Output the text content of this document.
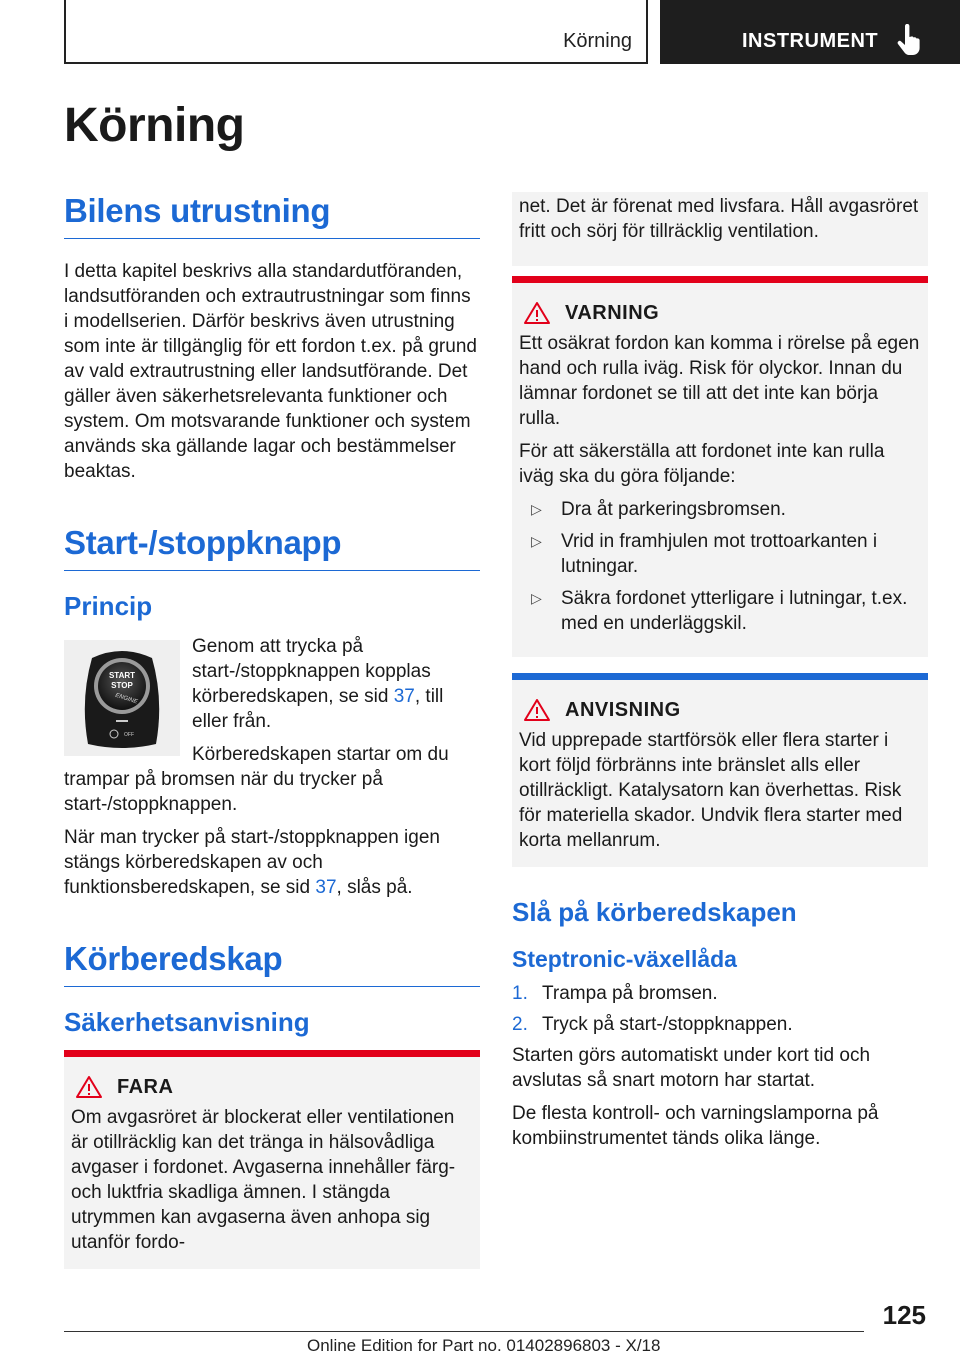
Körning	INSTRUMENT
Körning
Bilens utrustning

I detta kapitel beskrivs alla standardutföranden, landsutföranden och extrautrustningar som finns i modellserien. Därför beskrivs även utrustning som inte är tillgänglig för ett fordon t.ex. på grund av vald extrautrustning eller landsutförande. Det gäller även säkerhetsrelevanta funktioner och system. Om motsvarande funktioner och system används ska gällande lagar och bestämmelser beaktas.

Start-/stoppknapp
Princip
START
STOP
ENGINE
OFF

Genom att trycka på start-/stoppknappen kopplas körberedskapen, se sid 37, till eller från.

Körberedskapen startar om du trampar på bromsen när du trycker på start-/stoppknappen.

När man trycker på start-/stoppknappen igen stängs körberedskapen av och funktionsberedskapen, se sid 37, slås på.

Körberedskap
Säkerhetsanvisning
FARA

Om avgasröret är blockerat eller ventilationen är otillräcklig kan det tränga in hälsovådliga avgaser i fordonet. Avgaserna innehåller färg- och luktfria skadliga ämnen. I stängda utrymmen kan avgaserna även anhopa sig utanför fordo-

net. Det är förenat med livsfara. Håll avgasröret fritt och sörj för tillräcklig ventilation.

VARNING

Ett osäkrat fordon kan komma i rörelse på egen hand och rulla iväg. Risk för olyckor. Innan du lämnar fordonet se till att det inte kan börja rulla.

För att säkerställa att fordonet inte kan rulla iväg ska du göra följande:

▷ Dra åt parkeringsbromsen.
▷ Vrid in framhjulen mot trottoarkanten i lutningar.
▷ Säkra fordonet ytterligare i lutningar, t.ex. med en underläggskil.
ANVISNING

Vid upprepade startförsök eller flera starter i kort följd förbränns inte bränslet alls eller otillräckligt. Katalysatorn kan överhettas. Risk för materiella skador. Undvik flera starter med korta mellanrum.

Slå på körberedskapen
Steptronic-växellåda
1. Trampa på bromsen.
2. Tryck på start-/stoppknappen.

Starten görs automatiskt under kort tid och avslutas så snart motorn har startat.

De flesta kontroll- och varningslamporna på kombiinstrumentet tänds olika länge.

125
Online Edition for Part no. 01402896803 - X/18
